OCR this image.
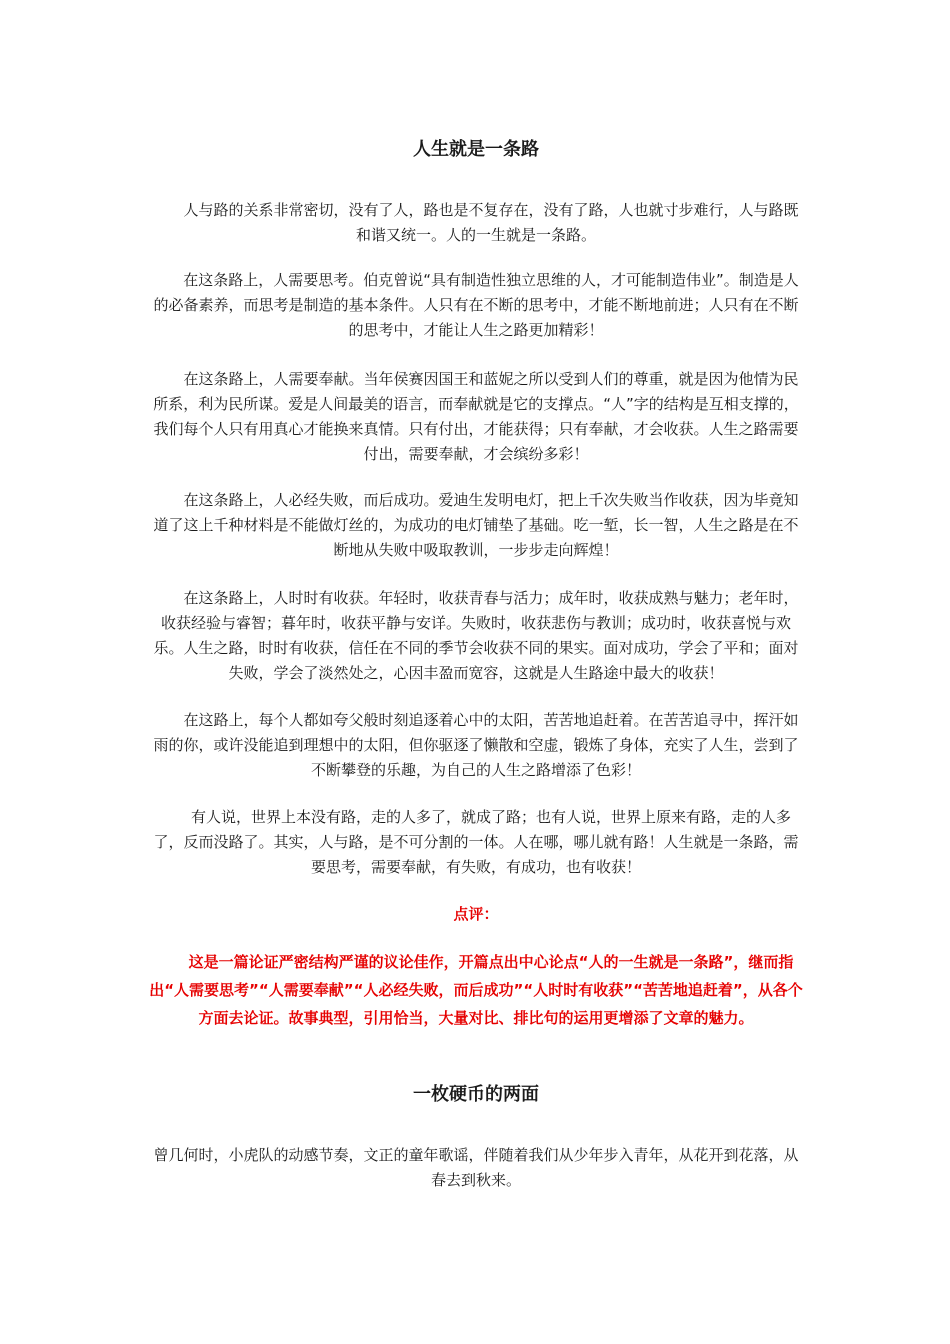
人生就是一条路

人与路的关系非常密切，没有了人，路也是不复存在，没有了路，人也就寸步难行，人与路既和谐又统一。人的一生就是一条路。

在这条路上，人需要思考。伯克曾说“具有制造性独立思维的人，才可能制造伟业”。制造是人的必备素养，而思考是制造的基本条件。人只有在不断的思考中，才能不断地前进；人只有在不断的思考中，才能让人生之路更加精彩！

在这条路上，人需要奉献。当年侯赛因国王和蓝妮之所以受到人们的尊重，就是因为他情为民所系，利为民所谋。爱是人间最美的语言，而奉献就是它的支撑点。“人”字的结构是互相支撑的，我们每个人只有用真心才能换来真情。只有付出，才能获得；只有奉献，才会收获。人生之路需要付出，需要奉献，才会缤纷多彩！

在这条路上，人必经失败，而后成功。爱迪生发明电灯，把上千次失败当作收获，因为毕竟知道了这上千种材料是不能做灯丝的，为成功的电灯铺垫了基础。吃一堑，长一智，人生之路是在不断地从失败中吸取教训，一步步走向辉煌！

在这条路上，人时时有收获。年轻时，收获青春与活力；成年时，收获成熟与魅力；老年时，收获经验与睿智；暮年时，收获平静与安详。失败时，收获悲伤与教训；成功时，收获喜悦与欢乐。人生之路，时时有收获，信任在不同的季节会收获不同的果实。面对成功，学会了平和；面对失败，学会了淡然处之，心因丰盈而宽容，这就是人生路途中最大的收获！

在这路上，每个人都如夸父般时刻追逐着心中的太阳，苦苦地追赶着。在苦苦追寻中，挥汗如雨的你，或许没能追到理想中的太阳，但你驱逐了懒散和空虚，锻炼了身体，充实了人生，尝到了不断攀登的乐趣，为自己的人生之路增添了色彩！

有人说，世界上本没有路，走的人多了，就成了路；也有人说，世界上原来有路，走的人多了，反而没路了。其实，人与路，是不可分割的一体。人在哪，哪儿就有路！人生就是一条路，需要思考，需要奉献，有失败，有成功，也有收获！

点评：

这是一篇论证严密结构严谨的议论佳作，开篇点出中心论点“人的一生就是一条路”，继而指出“人需要思考”“人需要奉献”“人必经失败，而后成功”“人时时有收获”“苦苦地追赶着”，从各个方面去论证。故事典型，引用恰当，大量对比、排比句的运用更增添了文章的魅力。

一枚硬币的两面

曾几何时，小虎队的动感节奏，文正的童年歌谣，伴随着我们从少年步入青年，从花开到花落，从春去到秋来。
